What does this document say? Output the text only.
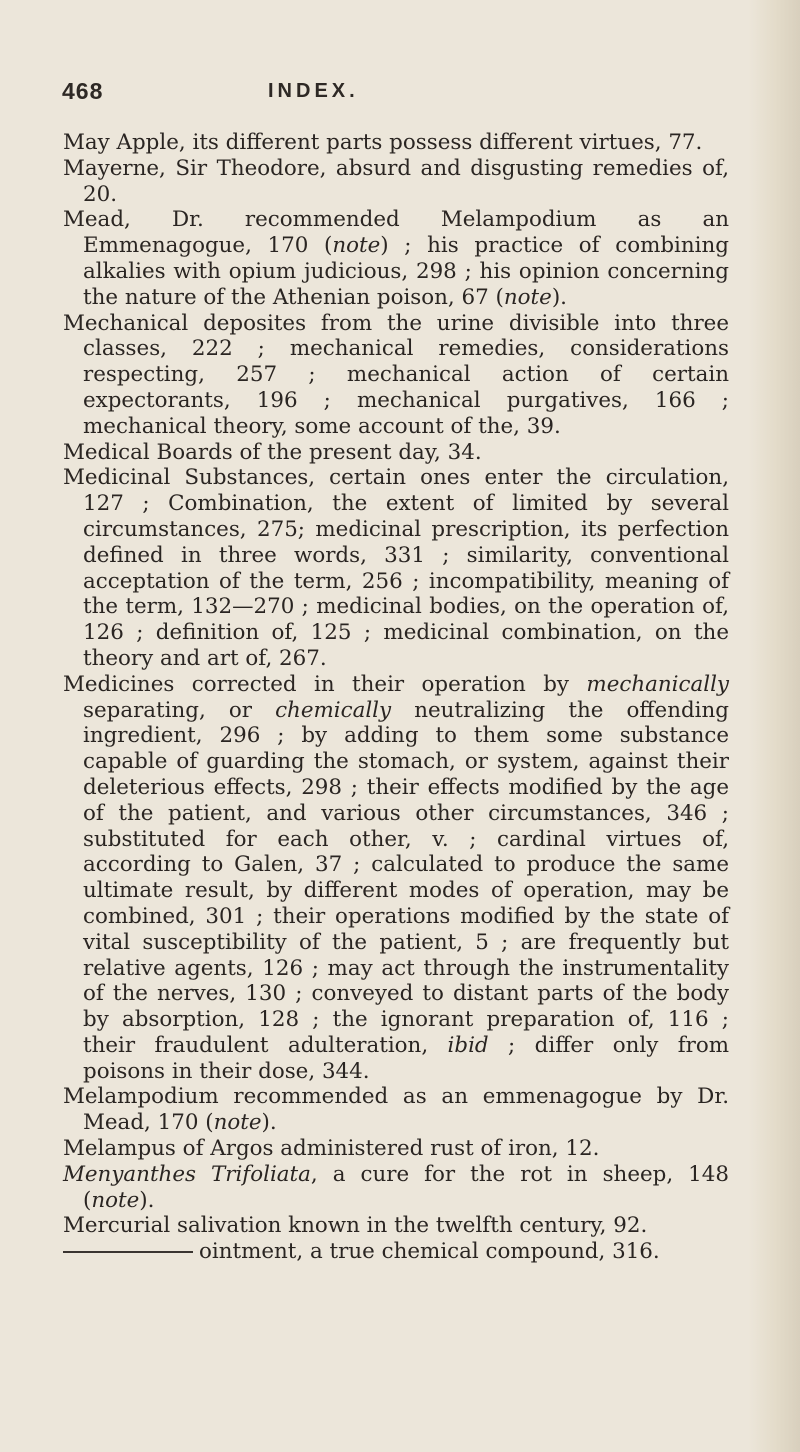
468	INDEX.

May Apple, its different parts possess different virtues, 77.

Mayerne, Sir Theodore, absurd and disgusting remedies of, 20.

Mead, Dr. recommended Melampodium as an Emmenagogue, 170 (note) ; his practice of combining alkalies with opium judicious, 298 ; his opinion concerning the nature of the Athenian poison, 67 (note).

Mechanical deposites from the urine divisible into three classes, 222 ; mechanical remedies, considerations respecting, 257 ; mechanical action of certain expectorants, 196 ; mechanical purgatives, 166 ; mechanical theory, some account of the, 39.

Medical Boards of the present day, 34.

Medicinal Substances, certain ones enter the circulation, 127 ; Combination, the extent of limited by several circumstances, 275; medicinal prescription, its perfection defined in three words, 331 ; similarity, conventional acceptation of the term, 256 ; incompatibility, meaning of the term, 132—270 ; medicinal bodies, on the operation of, 126 ; definition of, 125 ; medicinal combination, on the theory and art of, 267.

Medicines corrected in their operation by mechanically separating, or chemically neutralizing the offending ingredient, 296 ; by adding to them some substance capable of guarding the stomach, or system, against their deleterious effects, 298 ; their effects modified by the age of the patient, and various other circumstances, 346 ; substituted for each other, v. ; cardinal virtues of, according to Galen, 37 ; calculated to produce the same ultimate result, by different modes of operation, may be combined, 301 ; their operations modified by the state of vital susceptibility of the patient, 5 ; are frequently but relative agents, 126 ; may act through the instrumentality of the nerves, 130 ; conveyed to distant parts of the body by absorption, 128 ; the ignorant preparation of, 116 ; their fraudulent adulteration, ibid ; differ only from poisons in their dose, 344.

Melampodium recommended as an emmenagogue by Dr. Mead, 170 (note).

Melampus of Argos administered rust of iron, 12.

Menyanthes Trifoliata, a cure for the rot in sheep, 148 (note).

Mercurial salivation known in the twelfth century, 92.

ointment, a true chemical compound, 316.
